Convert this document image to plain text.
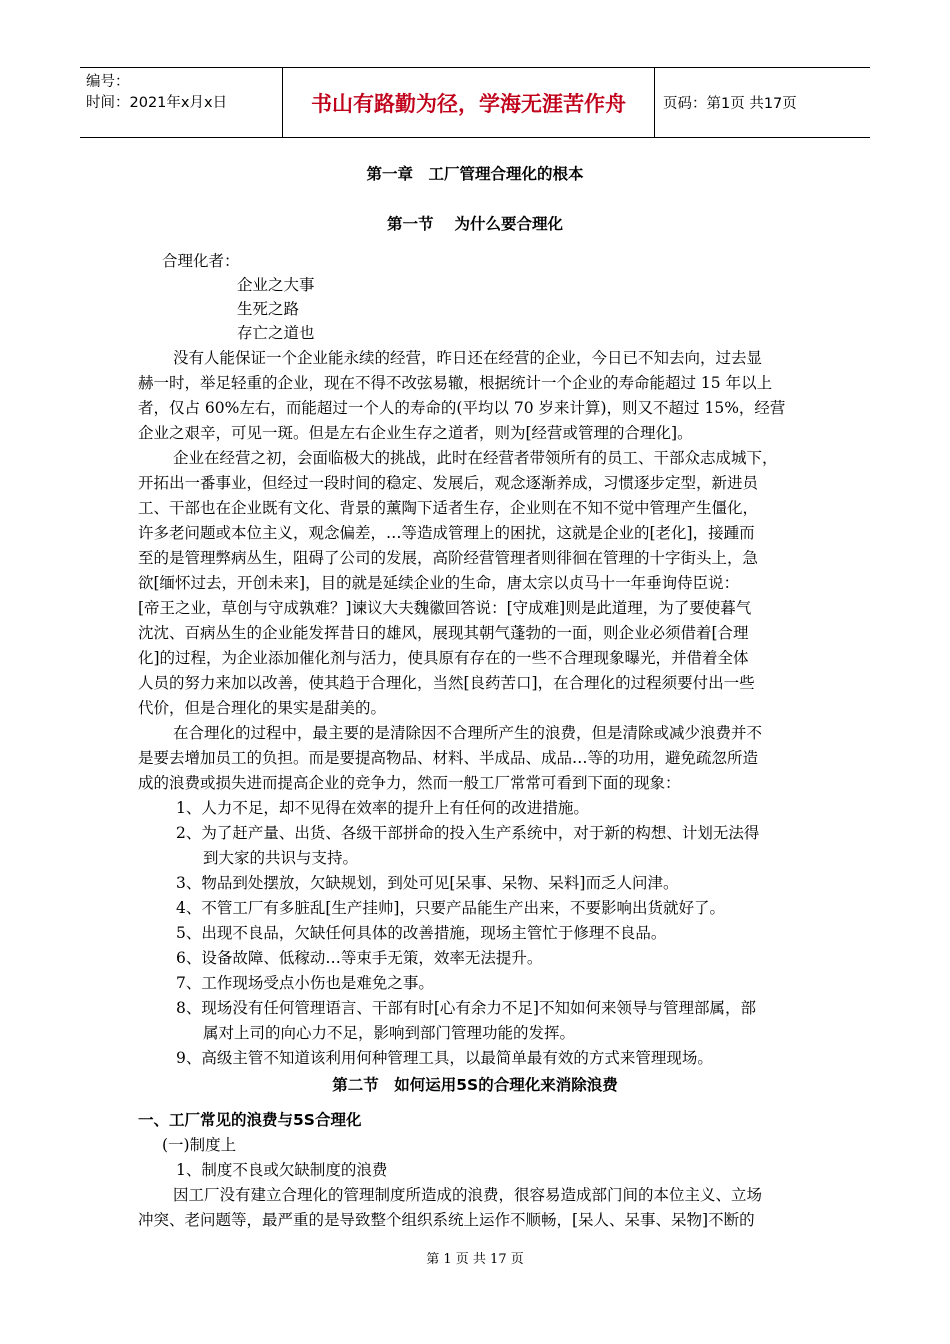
编号：
时间：2021年x月x日	书山有路勤为径，学海无涯苦作舟	页码：第1页 共17页
第一章　工厂管理合理化的根本
第一节　 为什么要合理化
合理化者：
企业之大事
生死之路
存亡之道也
没有人能保证一个企业能永续的经营，昨日还在经营的企业，今日已不知去向，过去显
赫一时，举足轻重的企业，现在不得不改弦易辙，根据统计一个企业的寿命能超过 15 年以上
者，仅占 60%左右，而能超过一个人的寿命的(平均以 70 岁来计算)，则又不超过 15%，经营
企业之艰辛，可见一斑。但是左右企业生存之道者，则为[经营或管理的合理化]。
企业在经营之初，会面临极大的挑战，此时在经营者带领所有的员工、干部众志成城下，
开拓出一番事业，但经过一段时间的稳定、发展后，观念逐渐养成，习惯逐步定型，新进员
工、干部也在企业既有文化、背景的薰陶下适者生存，企业则在不知不觉中管理产生僵化，
许多老问题或本位主义，观念偏差，…等造成管理上的困扰，这就是企业的[老化]，接踵而
至的是管理弊病丛生，阻碍了公司的发展，高阶经营管理者则徘徊在管理的十字街头上，急
欲[缅怀过去，开创未来]，目的就是延续企业的生命，唐太宗以贞马十一年垂询侍臣说：
[帝王之业，草创与守成孰难？]谏议大夫魏徽回答说：[守成难]则是此道理，为了要使暮气
沈沈、百病丛生的企业能发挥昔日的雄风，展现其朝气蓬勃的一面，则企业必须借着[合理
化]的过程，为企业添加催化剂与活力，使具原有存在的一些不合理现象曝光，并借着全体
人员的努力来加以改善，使其趋于合理化，当然[良药苦口]，在合理化的过程须要付出一些
代价，但是合理化的果实是甜美的。
在合理化的过程中，最主要的是清除因不合理所产生的浪费，但是清除或减少浪费并不
是要去增加员工的负担。而是要提高物品、材料、半成品、成品…等的功用，避免疏忽所造
成的浪费或损失进而提高企业的竞争力，然而一般工厂常常可看到下面的现象：
1、人力不足，却不见得在效率的提升上有任何的改进措施。
2、为了赶产量、出货、各级干部拼命的投入生产系统中，对于新的构想、计划无法得
到大家的共识与支持。
3、物品到处摆放，欠缺规划，到处可见[呆事、呆物、呆料]而乏人问津。
4、不管工厂有多脏乱[生产挂帅]，只要产品能生产出来，不要影响出货就好了。
5、出现不良品，欠缺任何具体的改善措施，现场主管忙于修理不良品。
6、设备故障、低稼动…等束手无策，效率无法提升。
7、工作现场受点小伤也是难免之事。
8、现场没有任何管理语言、干部有时[心有余力不足]不知如何来领导与管理部属，部
属对上司的向心力不足，影响到部门管理功能的发挥。
9、高级主管不知道该利用何种管理工具，以最简单最有效的方式来管理现场。
第二节　如何运用5S的合理化来消除浪费
一、工厂常见的浪费与5S合理化
(一)制度上
1、制度不良或欠缺制度的浪费
因工厂没有建立合理化的管理制度所造成的浪费，很容易造成部门间的本位主义、立场
冲突、老问题等，最严重的是导致整个组织系统上运作不顺畅，[呆人、呆事、呆物]不断的
第 1 页 共 17 页
